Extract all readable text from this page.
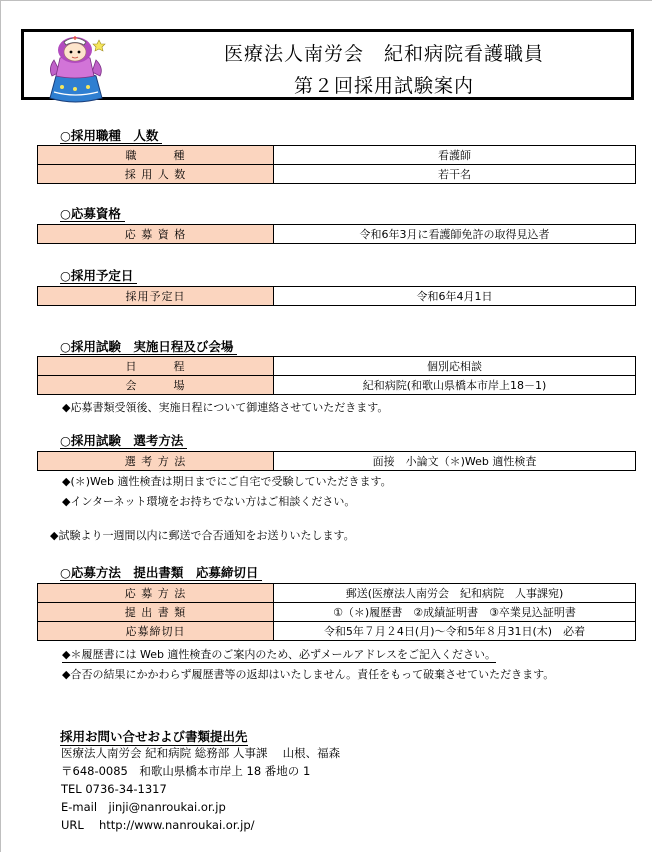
医療法人南労会　紀和病院看護職員
第２回採用試験案内
○採用職種　人数
職　　　種	看護師
採 用 人 数	若干名
○応募資格
応 募 資 格	令和6年3月に看護師免許の取得見込者
○採用予定日
採用予定日	令和6年4月1日
○採用試験　実施日程及び会場
日　　　程	個別応相談
会　　　場	紀和病院(和歌山県橋本市岸上18－1)
◆応募書類受領後、実施日程について御連絡させていただきます。
○採用試験　選考方法
選 考 方 法	面接　小論文（＊)Web 適性検査
◆(＊)Web 適性検査は期日までにご自宅で受験していただきます。
◆インターネット環境をお持ちでない方はご相談ください。
◆試験より一週間以内に郵送で合否通知をお送りいたします。
○応募方法　提出書類　応募締切日
応 募 方 法	郵送(医療法人南労会　紀和病院　人事課宛)
提 出 書 類	①（＊)履歴書　②成績証明書　③卒業見込証明書
応募締切日	令和5年７月２4日(月)～令和5年８月31日(木)　必着
◆＊履歴書には Web 適性検査のご案内のため、必ずメールアドレスをご記入ください。
◆合否の結果にかかわらず履歴書等の返却はいたしません。責任をもって破棄させていただきます。
採用お問い合せおよび書類提出先
医療法人南労会 紀和病院 総務部 人事課　 山根、福森
〒648-0085　和歌山県橋本市岸上 18 番地の 1
TEL 0736-34-1317
E-mail　jinji@nanroukai.or.jp
URL　 http://www.nanroukai.or.jp/
